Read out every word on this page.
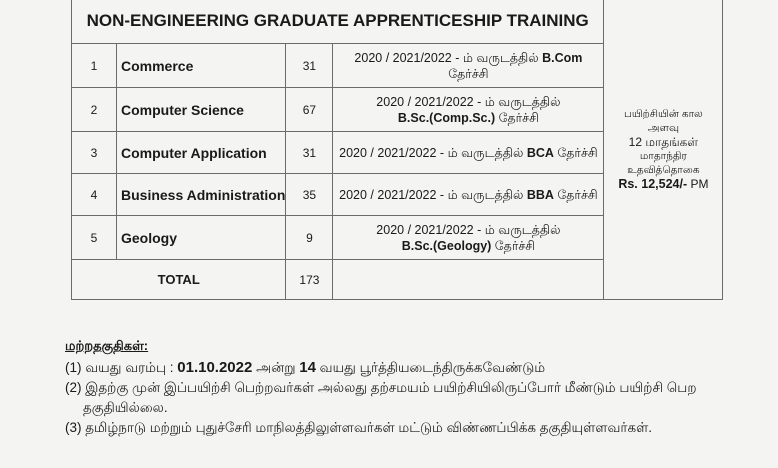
NON-ENGINEERING GRADUATE APPRENTICESHIP TRAINING				பயிற்சியின் கால
அளவு
12 மாதங்கள்
மாதாந்திர உதவித்தொகை
Rs. 12,524/- PM

1	Commerce	31	2020 / 2021/2022 - ம் வருடத்தில் B.Com
தேர்ச்சி	
2	Computer Science	67	2020 / 2021/2022 - ம் வருடத்தில்
B.Sc.(Comp.Sc.) தேர்ச்சி	
3	Computer Application	31	2020 / 2021/2022 - ம் வருடத்தில் BCA தேர்ச்சி	
4	Business Administration	35	2020 / 2021/2022 - ம் வருடத்தில் BBA தேர்ச்சி	
5	Geology	9	2020 / 2021/2022 - ம் வருடத்தில்
B.Sc.(Geology) தேர்ச்சி	
TOTAL		173		
மற்றதகுதிகள்:

(1) வயது வரம்பு : 01.10.2022 அன்று 14 வயது பூர்த்தியடைந்திருக்கவேண்டும்

(2) இதற்கு முன் இப்பயிற்சி பெற்றவர்கள் அல்லது தற்சமயம் பயிற்சியிலிருப்போர் மீண்டும் பயிற்சி பெற
தகுதியில்லை.

(3) தமிழ்நாடு மற்றும் புதுச்சேரி மாநிலத்திலுள்ளவர்கள் மட்டும் விண்ணப்பிக்க தகுதியுள்ளவர்கள்.
